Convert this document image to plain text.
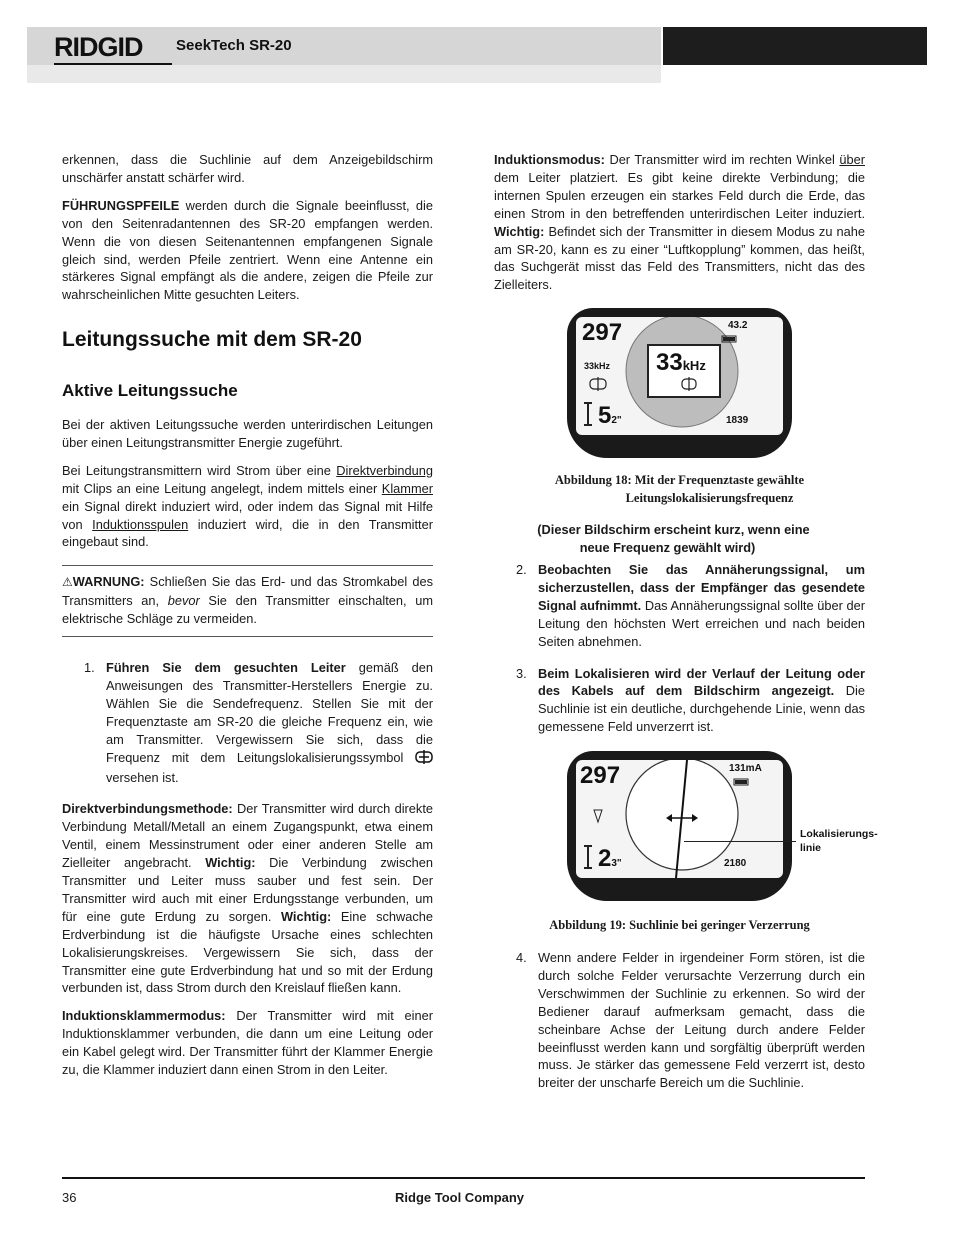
RIDGID SeekTech SR-20

erkennen, dass die Suchlinie auf dem Anzeigebildschirm unschärfer anstatt schärfer wird.

FÜHRUNGSPFEILE werden durch die Signale beeinflusst, die von den Seitenradantennen des SR-20 empfangen werden. Wenn die von diesen Seitenantennen empfangenen Signale gleich sind, werden Pfeile zentriert. Wenn eine Antenne ein stärkeres Signal empfängt als die andere, zeigen die Pfeile zur wahrscheinlichen Mitte gesuchten Leiters.

Leitungssuche mit dem SR-20
Aktive Leitungssuche

Bei der aktiven Leitungssuche werden unterirdischen Leitungen über einen Leitungstransmitter Energie zugeführt.

Bei Leitungstransmittern wird Strom über eine Direktverbindung mit Clips an eine Leitung angelegt, indem mittels einer Klammer ein Signal direkt induziert wird, oder indem das Signal mit Hilfe von Induktionsspulen induziert wird, die in den Transmitter eingebaut sind.

⚠WARNUNG: Schließen Sie das Erd- und das Stromkabel des Transmitters an, bevor Sie den Transmitter einschalten, um elektrische Schläge zu vermeiden.

1. Führen Sie dem gesuchten Leiter gemäß den Anweisungen des Transmitter-Herstellers Energie zu. Wählen Sie die Sendefrequenz. Stellen Sie mit der Frequenztaste am SR-20 die gleiche Frequenz ein, wie am Transmitter. Vergewissern Sie sich, dass die Frequenz mit dem Leitungslokalisierungssymbol  versehen ist.

Direktverbindungsmethode: Der Transmitter wird durch direkte Verbindung Metall/Metall an einem Zugangspunkt, etwa einem Ventil, einem Messinstrument oder einer anderen Stelle am Zielleiter angebracht. Wichtig: Die Verbindung zwischen Transmitter und Leiter muss sauber und fest sein. Der Transmitter wird auch mit einer Erdungsstange verbunden, um für eine gute Erdung zu sorgen. Wichtig: Eine schwache Erdverbindung ist die häufigste Ursache eines schlechten Lokalisierungskreises. Vergewissern Sie sich, dass der Transmitter eine gute Erdverbindung hat und so mit der Erdung verbunden ist, dass Strom durch den Kreislauf fließen kann.

Induktionsklammermodus: Der Transmitter wird mit einer Induktionsklammer verbunden, die dann um eine Leitung oder ein Kabel gelegt wird. Der Transmitter führt der Klammer Energie zu, die Klammer induziert dann einen Strom in den Leiter.

Induktionsmodus: Der Transmitter wird im rechten Winkel über dem Leiter platziert. Es gibt keine direkte Verbindung; die internen Spulen erzeugen ein starkes Feld durch die Erde, das einen Strom in den betreffenden unterirdischen Leiter induziert. Wichtig: Befindet sich der Transmitter in diesem Modus zu nahe am SR-20, kann es zu einer “Luftkopplung” kommen, das heißt, das Suchgerät misst das Feld des Transmitters, nicht das des Zielleiters.

297	43.2
33kHz 33kHz
52"	1839
Abbildung 18: Mit der Frequenztaste gewählte
Leitungslokalisierungsfrequenz
(Dieser Bildschirm erscheint kurz, wenn eine
neue Frequenz gewählt wird)
2. Beobachten Sie das Annäherungssignal, um sicherzustellen, dass der Empfänger das gesendete Signal aufnimmt. Das Annäherungssignal sollte über der Leitung den höchsten Wert erreichen und nach beiden Seiten abnehmen.
3. Beim Lokalisieren wird der Verlauf der Leitung oder des Kabels auf dem Bildschirm angezeigt. Die Suchlinie ist ein deutliche, durchgehende Linie, wenn das gemessene Feld unverzerrt ist.
297	131mA
23"	2180
Lokalisierungs-
linie
Abbildung 19: Suchlinie bei geringer Verzerrung
4. Wenn andere Felder in irgendeiner Form stören, ist die durch solche Felder verursachte Verzerrung durch ein Verschwimmen der Suchlinie zu erkennen. So wird der Bediener darauf aufmerksam gemacht, dass die scheinbare Achse der Leitung durch andere Felder beeinflusst werden kann und sorgfältig überprüft werden muss. Je stärker das gemessene Feld verzerrt ist, desto breiter der unscharfe Bereich um die Suchlinie.
36	Ridge Tool Company
